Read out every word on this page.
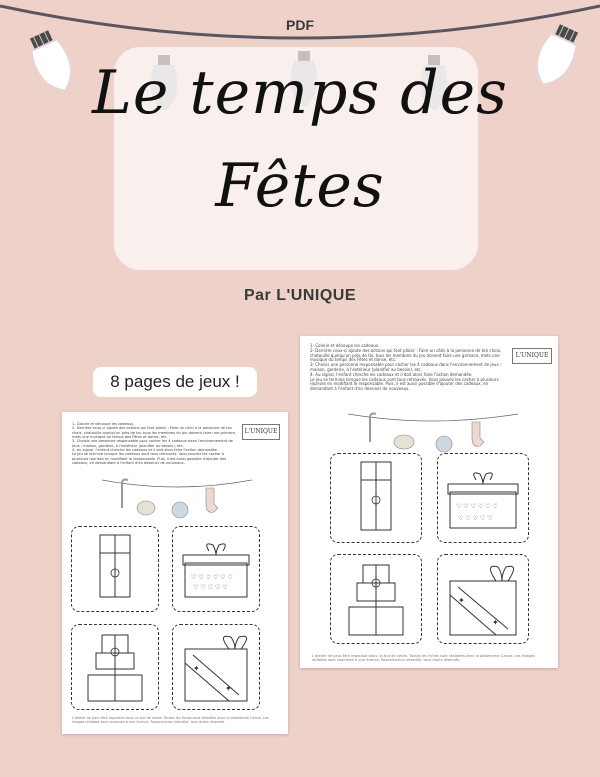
PDF
Le temps des
Fêtes
Par L'UNIQUE
8 pages de jeux !
L'UNIQUE
1- Colorie et découpe les cadeaux.
2- Derrière ceux-ci ajoute des actions qui font plaisir : Faire un câlin à la personne de ton choix, chatouille quelqu'un près de toi, tous les membres du jeu doivent faire une grimace, mets une musique du temps des Fêtes et danse, etc.
3- Choisis une personne responsable pour cacher les 4 cadeaux dans l'environnement de jeux : maison, garderie, à l'extérieur (planifier au besoin), etc.
4- Au signal, l'enfant cherche les cadeaux et il doit alors faire l'action demandée.
Le jeu se termine lorsque les cadeaux sont tous retrouvés. Vous pouvez les cacher à plusieurs reprises en modifiant le responsable. Puis, il est aussi possible d'ajouter des cadeaux, en demandant à l'enfant d'en dessiner de nouveaux.
♡ ♡ ♡ ♡ ♡ ♡
♡ ♡ ♡ ♡ ♡
✦
✦
L'atelier ne peut être reproduit dans un but de vente. Toutes les fiches sont réalisées avec la plateforme Canva. Les images utilisées sont soumises à une licence. Reproduction interdite, tous droits réservés.
L'UNIQUE
1- Colorie et découpe les cadeaux.
2- Derrière ceux-ci ajoute des actions qui font plaisir : Faire un câlin à la personne de ton choix, chatouille quelqu'un près de toi, tous les membres du jeu doivent faire une grimace, mets une musique du temps des Fêtes et danse, etc.
3- Choisis une personne responsable pour cacher les 4 cadeaux dans l'environnement de jeux : maison, garderie, à l'extérieur (planifier au besoin), etc.
4- Au signal, l'enfant cherche les cadeaux et il doit alors faire l'action demandée.
Le jeu se termine lorsque les cadeaux sont tous retrouvés. Vous pouvez les cacher à plusieurs reprises en modifiant le responsable. Puis, il est aussi possible d'ajouter des cadeaux, en demandant à l'enfant d'en dessiner de nouveaux.
♡ ♡ ♡ ♡ ♡ ♡
♡ ♡ ♡ ♡ ♡
✦
✦
L'atelier ne peut être reproduit dans un but de vente. Toutes les fiches sont réalisées avec la plateforme Canva. Les images utilisées sont soumises à une licence. Reproduction interdite, tous droits réservés.
